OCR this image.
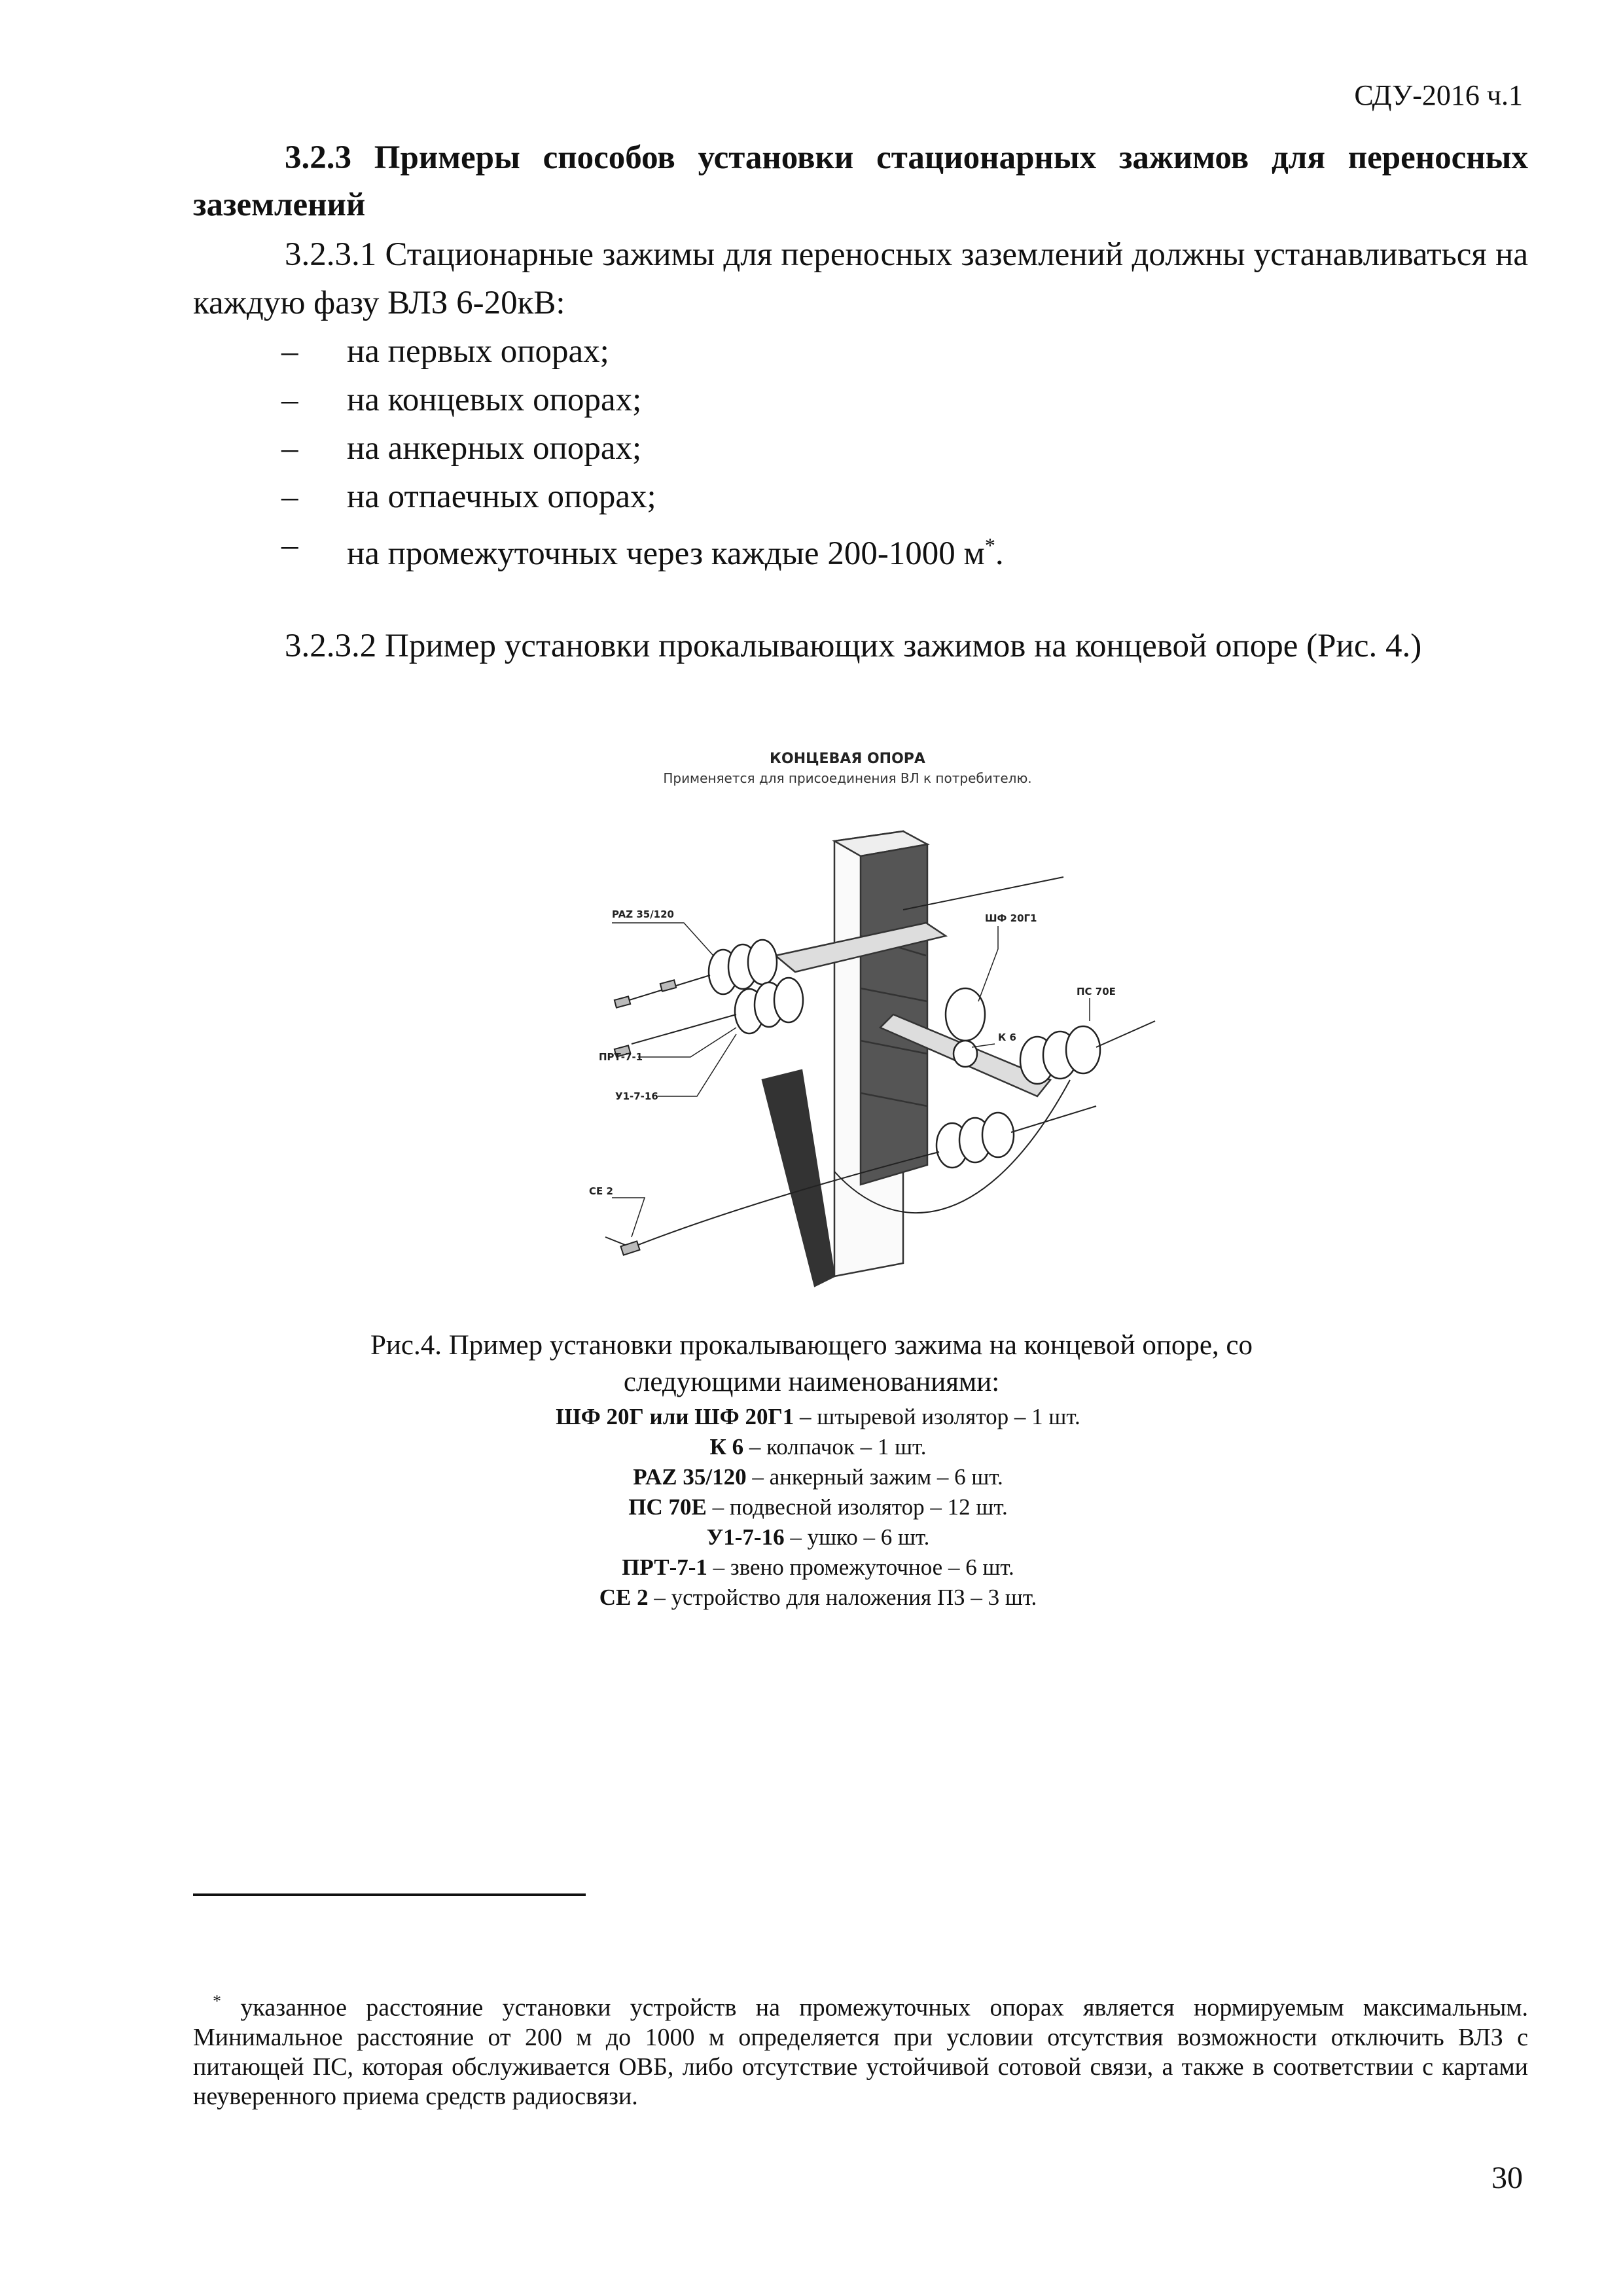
СДУ-2016 ч.1
3.2.3 Примеры способов установки стационарных зажимов для переносных заземлений
3.2.3.1 Стационарные зажимы для переносных заземлений должны устанавливаться на каждую фазу ВЛЗ 6-20кВ:
– на первых опорах;
– на концевых опорах;
– на анкерных опорах;
– на отпаечных опорах;
– на промежуточных через каждые 200-1000 м*.
3.2.3.2 Пример установки прокалывающих зажимов на концевой опоре (Рис. 4.)
КОНЦЕВАЯ ОПОРА
Применяется для присоединения ВЛ к потребителю.
PAZ 35/120	ШФ 20Г1
К 6
ПС 70Е
ПРТ-7-1
У1-7-16
СЕ 2
Рис.4. Пример установки прокалывающего зажима на концевой опоре, со
следующими наименованиями:
ШФ 20Г или ШФ 20Г1 – штыревой изолятор – 1 шт.
К 6 – колпачок – 1 шт.
PAZ 35/120 – анкерный зажим – 6 шт.
ПС 70Е – подвесной изолятор – 12 шт.
У1-7-16 – ушко – 6 шт.
ПРТ-7-1 – звено промежуточное – 6 шт.
СЕ 2 – устройство для наложения ПЗ – 3 шт.
* указанное расстояние установки устройств на промежуточных опорах является нормируемым максимальным. Минимальное расстояние от 200 м до 1000 м определяется при условии отсутствия возможности отключить ВЛЗ с питающей ПС, которая обслуживается ОВБ, либо отсутствие устойчивой сотовой связи, а также в соответствии с картами неуверенного приема средств радиосвязи.
30
